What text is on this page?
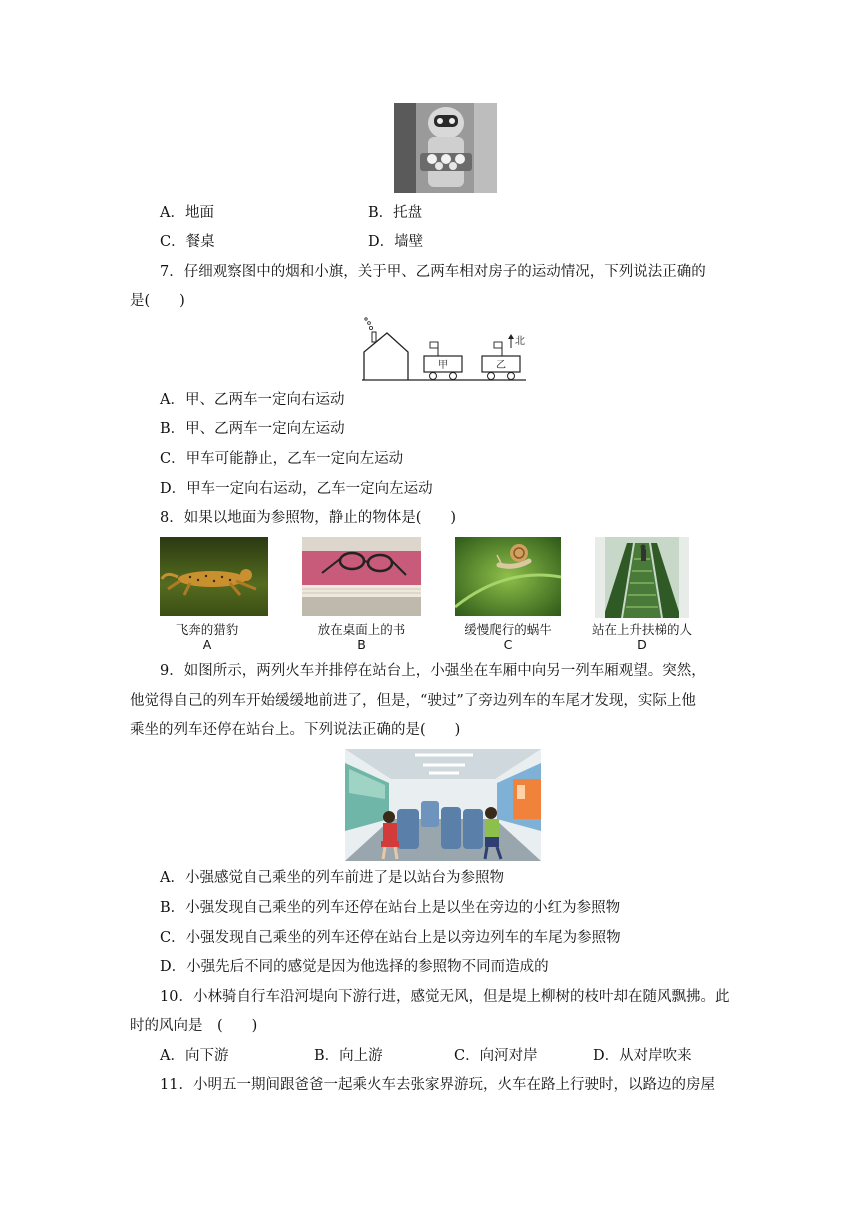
A．地面	B．托盘
C．餐桌	D．墙壁
7．仔细观察图中的烟和小旗，关于甲、乙两车相对房子的运动情况，下列说法正确的
是(　　)
甲	乙
北
A．甲、乙两车一定向右运动
B．甲、乙两车一定向左运动
C．甲车可能静止，乙车一定向左运动
D．甲车一定向右运动，乙车一定向左运动
8．如果以地面为参照物，静止的物体是(　　)
飞奔的猎豹
A
放在桌面上的书
B
缓慢爬行的蜗牛
C
站在上升扶梯的人
D
9．如图所示，两列火车并排停在站台上，小强坐在车厢中向另一列车厢观望。突然，
他觉得自己的列车开始缓缓地前进了，但是，“驶过”了旁边列车的车尾才发现，实际上他
乘坐的列车还停在站台上。下列说法正确的是(　　)
A．小强感觉自己乘坐的列车前进了是以站台为参照物
B．小强发现自己乘坐的列车还停在站台上是以坐在旁边的小红为参照物
C．小强发现自己乘坐的列车还停在站台上是以旁边列车的车尾为参照物
D．小强先后不同的感觉是因为他选择的参照物不同而造成的
10．小林骑自行车沿河堤向下游行进，感觉无风，但是堤上柳树的枝叶却在随风飘拂。此
时的风向是　(　　)
A．向下游	B．向上游	C．向河对岸	D．从对岸吹来
11．小明五一期间跟爸爸一起乘火车去张家界游玩，火车在路上行驶时，以路边的房屋
